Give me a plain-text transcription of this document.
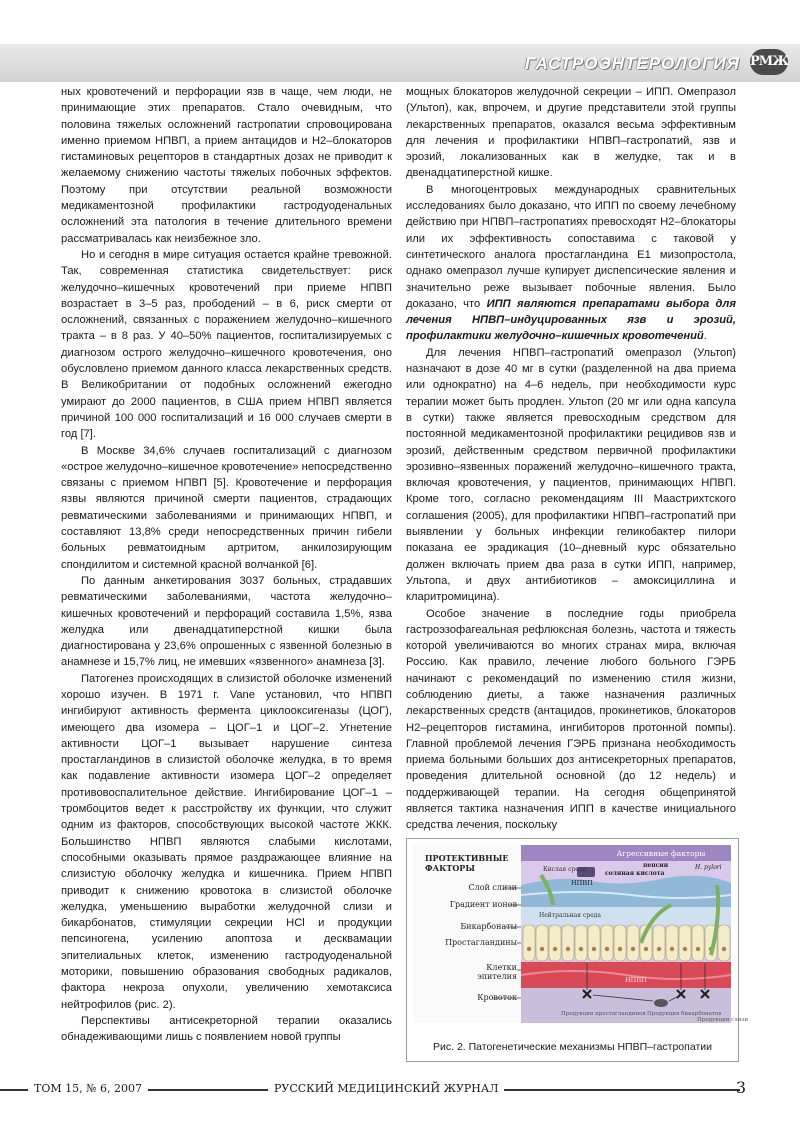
ГАСТРОЭНТЕРОЛОГИЯ РМЖ

ных кровотечений и перфорации язв в чаще, чем люди, не принимающие этих препаратов. Стало очевидным, что половина тяжелых осложнений гастропатии спровоцирована именно приемом НПВП, а прием антацидов и H2–блокаторов гистаминовых рецепторов в стандартных дозах не приводит к желаемому снижению частоты тяжелых побочных эффектов. Поэтому при отсутствии реальной возможности медикаментозной профилактики гастродуоденальных осложнений эта патология в течение длительного времени рассматривалась как неизбежное зло.

Но и сегодня в мире ситуация остается крайне тревожной. Так, современная статистика свидетельствует: риск желудочно–кишечных кровотечений при приеме НПВП возрастает в 3–5 раз, прободений – в 6, риск смерти от осложнений, связанных с поражением желудочно–кишечного тракта – в 8 раз. У 40–50% пациентов, госпитализируемых с диагнозом острого желудочно–кишечного кровотечения, оно обусловлено приемом данного класса лекарственных средств. В Великобритании от подобных осложнений ежегодно умирают до 2000 пациентов, в США прием НПВП является причиной 100 000 госпитализаций и 16 000 случаев смерти в год [7].

В Москве 34,6% случаев госпитализаций с диагнозом «острое желудочно–кишечное кровотечение» непосредственно связаны с приемом НПВП [5]. Кровотечение и перфорация язвы являются причиной смерти пациентов, страдающих ревматическими заболеваниями и принимающих НПВП, и составляют 13,8% среди непосредственных причин гибели больных ревматоидным артритом, анкилозирующим спондилитом и системной красной волчанкой [6].

По данным анкетирования 3037 больных, страдавших ревматическими заболеваниями, частота желудочно–кишечных кровотечений и перфораций составила 1,5%, язва желудка или двенадцатиперстной кишки была диагностирована у 23,6% опрошенных с язвенной болезнью в анамнезе и 15,7% лиц, не имевших «язвенного» анамнеза [3].

Патогенез происходящих в слизистой оболочке изменений хорошо изучен. В 1971 г. Vane установил, что НПВП ингибируют активность фермента циклооксигеназы (ЦОГ), имеющего два изомера – ЦОГ–1 и ЦОГ–2. Угнетение активности ЦОГ–1 вызывает нарушение синтеза простагландинов в слизистой оболочке желудка, в то время как подавление активности изомера ЦОГ–2 определяет противовоспалительное действие. Ингибирование ЦОГ–1 – тромбоцитов ведет к расстройству их функции, что служит одним из факторов, способствующих высокой частоте ЖКК. Большинство НПВП являются слабыми кислотами, способными оказывать прямое раздражающее влияние на слизистую оболочку желудка и кишечника. Прием НПВП приводит к снижению кровотока в слизистой оболочке желудка, уменьшению выработки желудочной слизи и бикарбонатов, стимуляции секреции HCl и продукции пепсиногена, усилению апоптоза и десквамации эпителиальных клеток, изменению гастродуоденальной моторики, повышению образования свободных радикалов, фактора некроза опухоли, увеличению хемотаксиса нейтрофилов (рис. 2).

Перспективы антисекреторной терапии оказались обнадеживающими лишь с появлением новой группы

мощных блокаторов желудочной секреции – ИПП. Омепразол (Ультоп), как, впрочем, и другие представители этой группы лекарственных препаратов, оказался весьма эффективным для лечения и профилактики НПВП–гастропатий, язв и эрозий, локализованных как в желудке, так и в двенадцатиперстной кишке.

В многоцентровых международных сравнительных исследованиях было доказано, что ИПП по своему лечебному действию при НПВП–гастропатиях превосходят H2–блокаторы или их эффективность сопоставима с таковой у синтетического аналога простагландина E1 мизопростола, однако омепразол лучше купирует диспепсические явления и значительно реже вызывает побочные явления. Было доказано, что ИПП являются препаратами выбора для лечения НПВП–индуцированных язв и эрозий, профилактики желудочно–кишечных кровотечений.

Для лечения НПВП–гастропатий омепразол (Ультоп) назначают в дозе 40 мг в сутки (разделенной на два приема или однократно) на 4–6 недель, при необходимости курс терапии может быть продлен. Ультоп (20 мг или одна капсула в сутки) также является превосходным средством для постоянной медикаментозной профилактики рецидивов язв и эрозий, действенным средством первичной профилактики эрозивно–язвенных поражений желудочно–кишечного тракта, включая кровотечения, у пациентов, принимающих НПВП. Кроме того, согласно рекомендациям III Маастрихтского соглашения (2005), для профилактики НПВП–гастропатий при выявлении у больных инфекции геликобактер пилори показана ее эрадикация (10–дневный курс обязательно должен включать прием два раза в сутки ИПП, например, Ультопа, и двух антибиотиков – амоксициллина и кларитромицина).

Особое значение в последние годы приобрела гастроэзофагеальная рефлюксная болезнь, частота и тяжесть которой увеличиваются во многих странах мира, включая Россию. Как правило, лечение любого больного ГЭРБ начинают с рекомендаций по изменению стиля жизни, соблюдению диеты, а также назначения различных лекарственных средств (антацидов, прокинетиков, блокаторов H2–рецепторов гистамина, ингибиторов протонной помпы). Главной проблемой лечения ГЭРБ признана необходимость приема больными больших доз антисекреторных препаратов, проведения длительной основной (до 12 недель) и поддерживающей терапии. На сегодня общепринятой является тактика назначения ИПП в качестве инициального средства лечения, поскольку

ПРОТЕКТИВНЫЕ ФАКТОРЫ
Слой слизи
Градиент ионов
Бикарбонаты
Простагландины
Клетки эпителия
Кровоток
Агрессивные факторы
Нейтральная среда
Кислая среда
НПВП
соляная кислота
пепсин	H. pylori
НПВП
Продукция простагландинов Продукция бикарбонатов
Продукция слизи
Рис. 2. Патогенетические механизмы НПВП–гастропатии
ТОМ 15, № 6, 2007	РУССКИЙ МЕДИЦИНСКИЙ ЖУРНАЛ	3
